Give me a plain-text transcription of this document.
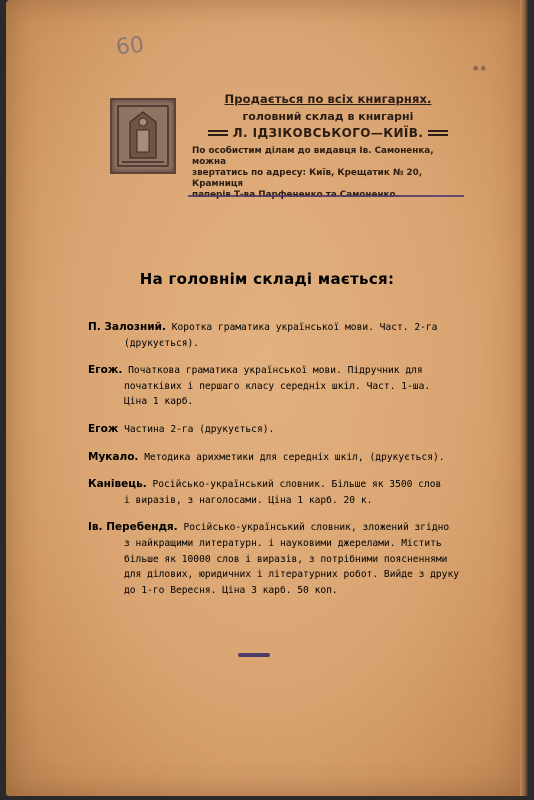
60
∗∗
Продається по всіх книгарнях.
головний склад в книгарні
Л. ІДЗІКОВСЬКОГО—КИЇВ.

По особистим ділам до видавця Ів. Самоненка, можна

звертатись по адресу: Київ, Крещатик № 20, Крамниця

На головнім складі мається:
П. Залозний. Коротка граматика української мови. Част. 2-га
(друкується).
Егож. Початкова граматика української мови. Підручник для
початківих і першаго класу середніх шкіл. Част. 1-ша.
Ціна 1 карб.
Егож Частина 2-га (друкується).
Мукало. Методика арихметики для середніх шкіл, (друкується).
Канівець. Російсько-український словник. Більше як 3500 слов
і виразів, з наголосами. Ціна 1 карб. 20 к.
Ів. Перебендя. Російсько-український словник, зложений згідно
з найкращими литературн. і науковими джерелами. Містить
більше як 10000 слов і виразів, з потрібними поясненнями
для ділових, юридичних і літературних робот. Вийде з друку
до 1-го Вересня. Ціна 3 карб. 50 коп.
